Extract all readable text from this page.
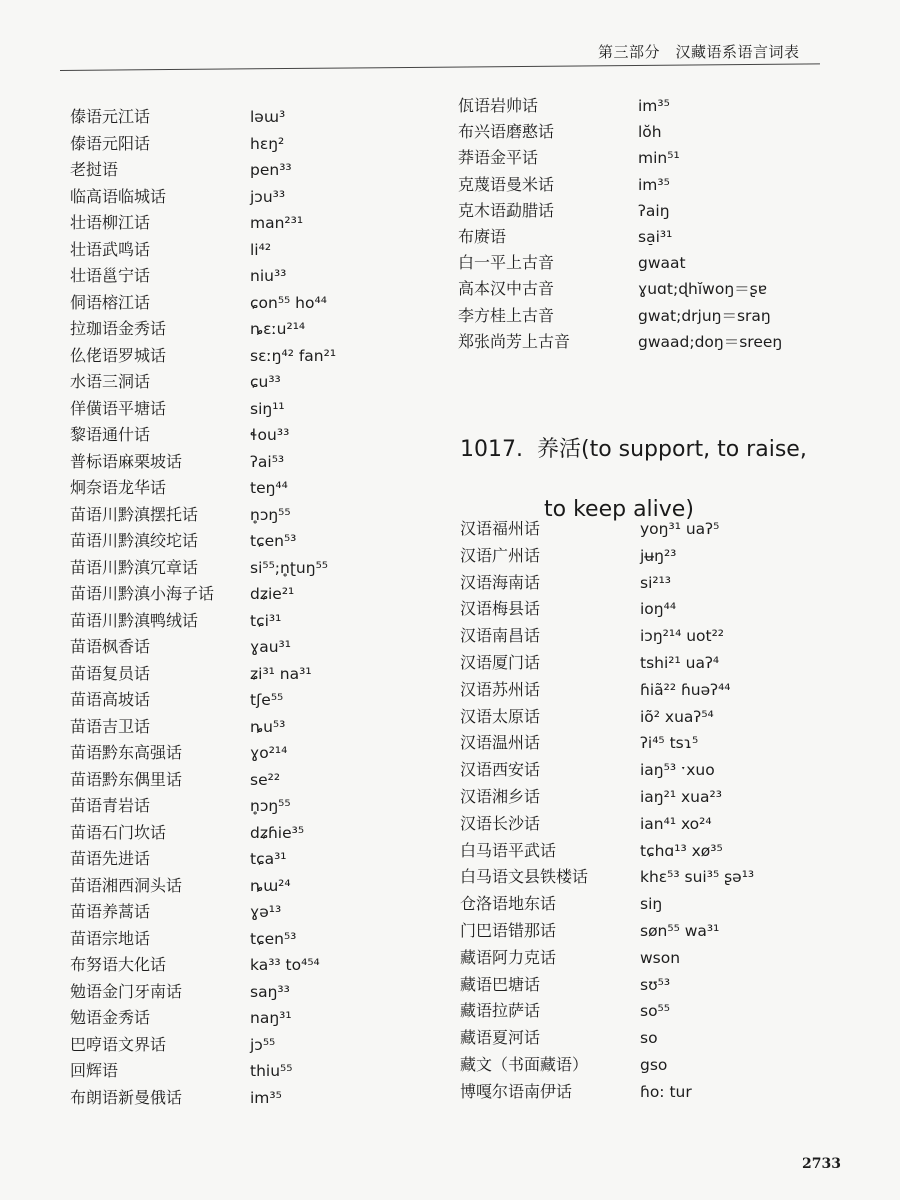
第三部分　汉藏语系语言词表
傣语元江话	ləɯ³
傣语元阳话	hɛŋ²
老挝语	pen³³
临高语临城话	jɔu³³
壮语柳江话	man²³¹
壮语武鸣话	li⁴²
壮语邕宁话	niu³³
侗语榕江话	ɕon⁵⁵ ho⁴⁴
拉珈语金秀话	ȵɛːu²¹⁴
仫佬语罗城话	sɛːŋ⁴² fan²¹
水语三洞话	ɕu³³
佯僙语平塘话	siŋ¹¹
黎语通什话	ɬou³³
普标语麻栗坡话	ʔai⁵³
炯奈语龙华话	teŋ⁴⁴
苗语川黔滇摆托话	n̥ɔŋ⁵⁵
苗语川黔滇绞坨话	tɕen⁵³
苗语川黔滇冗章话	si⁵⁵;n̥ʈuŋ⁵⁵
苗语川黔滇小海子话	dʑie²¹
苗语川黔滇鸭绒话	tɕi³¹
苗语枫香话	ɣau³¹
苗语复员话	ʑi³¹ na³¹
苗语高坡话	tʃe⁵⁵
苗语吉卫话	ȵu⁵³
苗语黔东高强话	ɣo²¹⁴
苗语黔东偶里话	se²²
苗语青岩话	n̥ɔŋ⁵⁵
苗语石门坎话	dʑɦie³⁵
苗语先进话	tɕa³¹
苗语湘西洞头话	ȵɯ²⁴
苗语养蒿话	ɣə¹³
苗语宗地话	tɕen⁵³
布努语大化话	ka³³ to⁴⁵⁴
勉语金门牙南话	saŋ³³
勉语金秀话	naŋ³¹
巴哼语文界话	jɔ⁵⁵
回辉语	thiu⁵⁵
布朗语新曼俄话	im³⁵
佤语岩帅话	im³⁵
布兴语磨憨话	lŏh
莽语金平话	min⁵¹
克蔑语曼米话	im³⁵
克木语勐腊话	ʔaiŋ
布赓语	sa̠i³¹
白一平上古音	gwaat
高本汉中古音	ɣuɑt;ɖhĭwoŋ＝ʂɐ
李方桂上古音	gwat;drjuŋ＝sraŋ
郑张尚芳上古音	gwaad;doŋ＝sreeŋ
1017. 养活(to support, to raise,
to keep alive)
汉语福州话	yoŋ³¹ uaʔ⁵
汉语广州话	jʉŋ²³
汉语海南话	si²¹³
汉语梅县话	ioŋ⁴⁴
汉语南昌话	iɔŋ²¹⁴ uot²²
汉语厦门话	tshi²¹ uaʔ⁴
汉语苏州话	ɦiã²² ɦuəʔ⁴⁴
汉语太原话	iõ² xuaʔ⁵⁴
汉语温州话	ʔi⁴⁵ tsɿ⁵
汉语西安话	iaŋ⁵³ ˑxuo
汉语湘乡话	iaŋ²¹ xua²³
汉语长沙话	ian⁴¹ xo²⁴
白马语平武话	tɕhɑ¹³ xø³⁵
白马语文县铁楼话	khɛ⁵³ sui³⁵ ʂə¹³
仓洛语地东话	siŋ
门巴语错那话	søn⁵⁵ wa³¹
藏语阿力克话	wson
藏语巴塘话	sʊ⁵³
藏语拉萨话	so⁵⁵
藏语夏河话	so
藏文（书面藏语）	gso
博嘎尔语南伊话	ɦo: tur
2733
